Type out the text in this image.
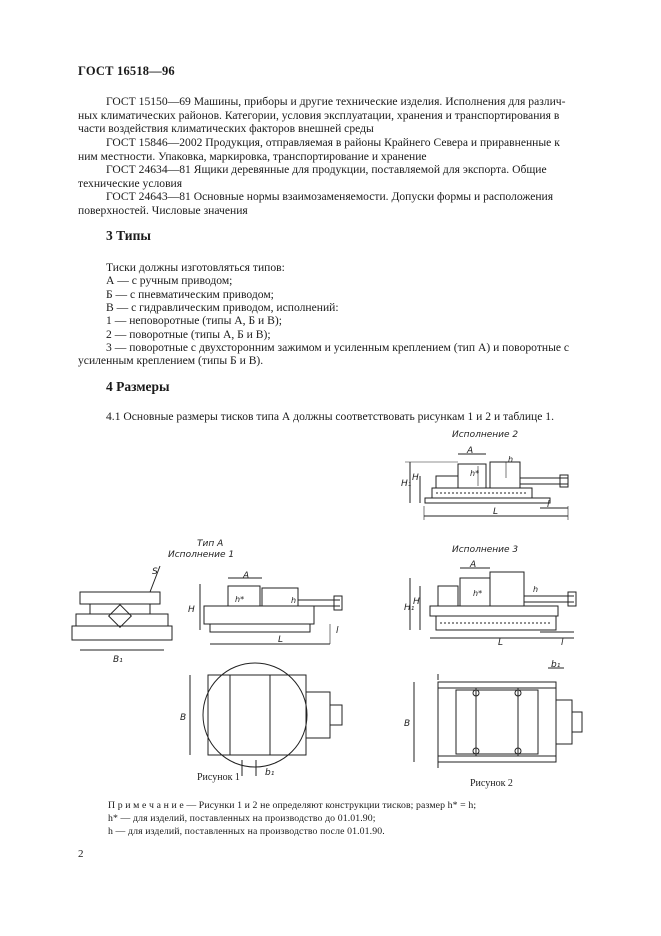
ГОСТ 16518—96
ГОСТ 15150—69 Машины, приборы и другие технические изделия. Исполнения для различ-
ных климатических районов. Категории, условия эксплуатации, хранения и транспортирования в
части воздействия климатических факторов внешней среды
ГОСТ 15846—2002 Продукция, отправляемая в районы Крайнего Севера и приравненные к
ним местности. Упаковка, маркировка, транспортирование и хранение
ГОСТ 24634—81 Ящики деревянные для продукции, поставляемой для экспорта. Общие
технические условия
ГОСТ 24643—81 Основные нормы взаимозаменяемости. Допуски формы и расположения
поверхностей. Числовые значения
3 Типы
Тиски должны изготовляться типов:
А — с ручным приводом;
Б — с пневматическим приводом;
В — с гидравлическим приводом, исполнений:
1 — неповоротные (типы А, Б и В);
2 — поворотные (типы А, Б и В);
3 — поворотные с двухсторонним зажимом и усиленным креплением (тип А) и поворотные с
усиленным креплением (типы Б и В).
4 Размеры
4.1 Основные размеры тисков типа А должны соответствовать рисункам 1 и 2 и таблице 1.
Исполнение 2
H₁
H
A
h*
h
L
l
Тип А
Исполнение 1
S
B₁
H
A
h*	h
L
l
B
b₁
Исполнение 3
H₁
H
A
h*	h
L	l
B
b₁
Рисунок 1
Рисунок 2
П р и м е ч а н и е — Рисунки 1 и 2 не определяют конструкции тисков; размер h* = h;
h* — для изделий, поставленных на производство до 01.01.90;
h — для изделий, поставленных на производство после 01.01.90.
2
